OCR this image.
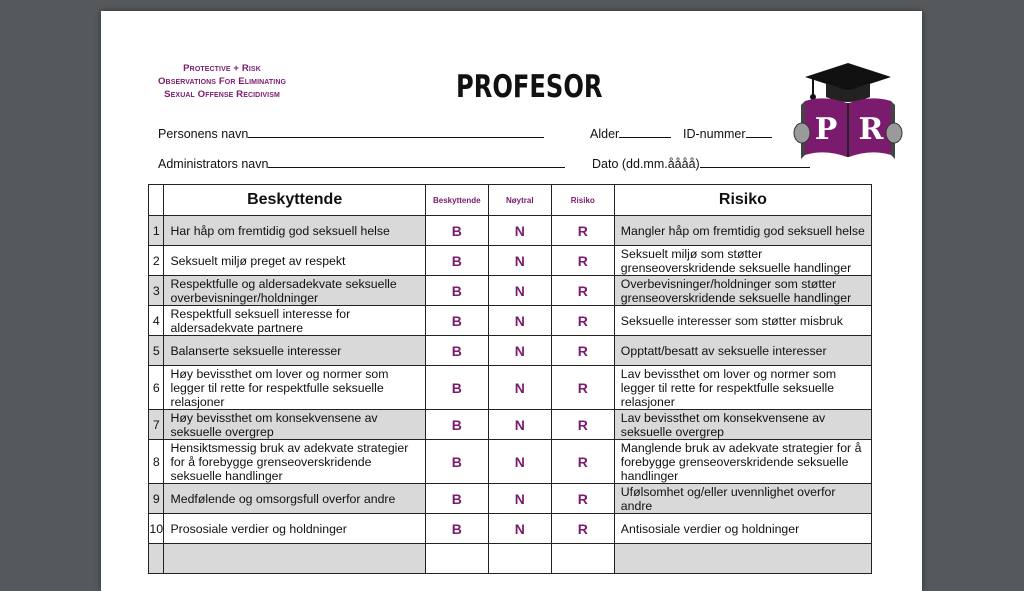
Protective + Risk
Observations For Eliminating
Sexual Offense Recidivism	PROFESOR
P R
Personens navn	Alder	ID-nummer
Administrators navn	Dato (dd.mm.åååå)
	Beskyttende	Beskyttende	Nøytral	Risiko	Risiko
1	Har håp om fremtidig god seksuell helse	B	N	R	Mangler håp om fremtidig god seksuell helse
2	Seksuelt miljø preget av respekt	B	N	R	Seksuelt miljø som støtter grenseoverskridende seksuelle handlinger
3	Respektfulle og aldersadekvate seksuelle overbevisninger/holdninger	B	N	R	Overbevisninger/holdninger som støtter grenseoverskridende seksuelle handlinger
4	Respektfull seksuell interesse for aldersadekvate partnere	B	N	R	Seksuelle interesser som støtter misbruk
5	Balanserte seksuelle interesser	B	N	R	Opptatt/besatt av seksuelle interesser
6	Høy bevissthet om lover og normer som legger til rette for respektfulle seksuelle relasjoner	B	N	R	Lav bevissthet om lover og normer som legger til rette for respektfulle seksuelle relasjoner
7	Høy bevissthet om konsekvensene av seksuelle overgrep	B	N	R	Lav bevissthet om konsekvensene av seksuelle overgrep
8	Hensiktsmessig bruk av adekvate strategier for å forebygge grenseoverskridende seksuelle handlinger	B	N	R	Manglende bruk av adekvate strategier for å forebygge grenseoverskridende seksuelle handlinger
9	Medfølende og omsorgsfull overfor andre	B	N	R	Ufølsomhet og/eller uvennlighet overfor andre
10	Prososiale verdier og holdninger	B	N	R	Antisosiale verdier og holdninger
